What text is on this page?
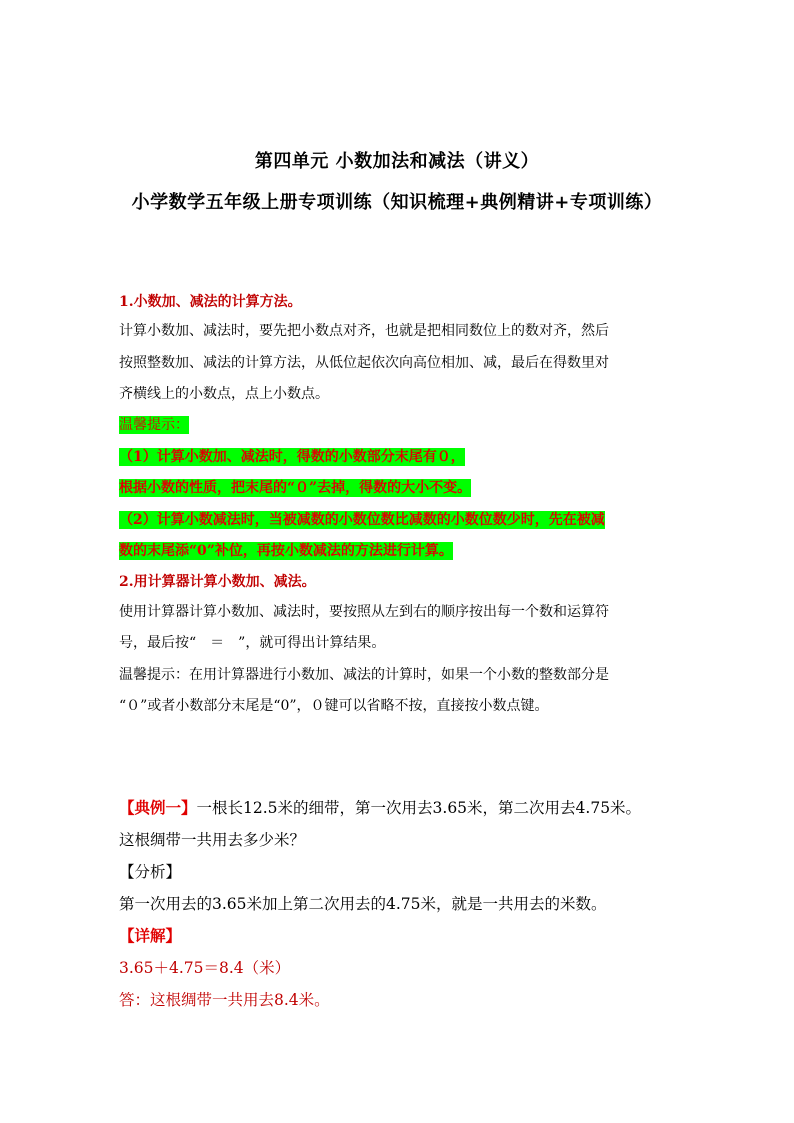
第四单元 小数加法和减法（讲义）
小学数学五年级上册专项训练（知识梳理+典例精讲+专项训练）
1.小数加、减法的计算方法。
计算小数加、减法时，要先把小数点对齐，也就是把相同数位上的数对齐，然后
按照整数加、减法的计算方法，从低位起依次向高位相加、减，最后在得数里对
齐横线上的小数点，点上小数点。
温馨提示：
（1）计算小数加、减法时，得数的小数部分末尾有０，
根据小数的性质，把末尾的“０”去掉，得数的大小不变。
（2）计算小数减法时，当被减数的小数位数比减数的小数位数少时，先在被减
数的末尾添“0”补位，再按小数减法的方法进行计算。
2.用计算器计算小数加、减法。
使用计算器计算小数加、减法时，要按照从左到右的顺序按出每一个数和运算符
号，最后按“　＝　”，就可得出计算结果。
温馨提示：在用计算器进行小数加、减法的计算时，如果一个小数的整数部分是
“０”或者小数部分末尾是“0”，０键可以省略不按，直接按小数点键。
【典例一】一根长12.5米的细带，第一次用去3.65米，第二次用去4.75米。
这根绸带一共用去多少米？
【分析】
第一次用去的3.65米加上第二次用去的4.75米，就是一共用去的米数。
【详解】
3.65＋4.75＝8.4（米）
答：这根绸带一共用去8.4米。
